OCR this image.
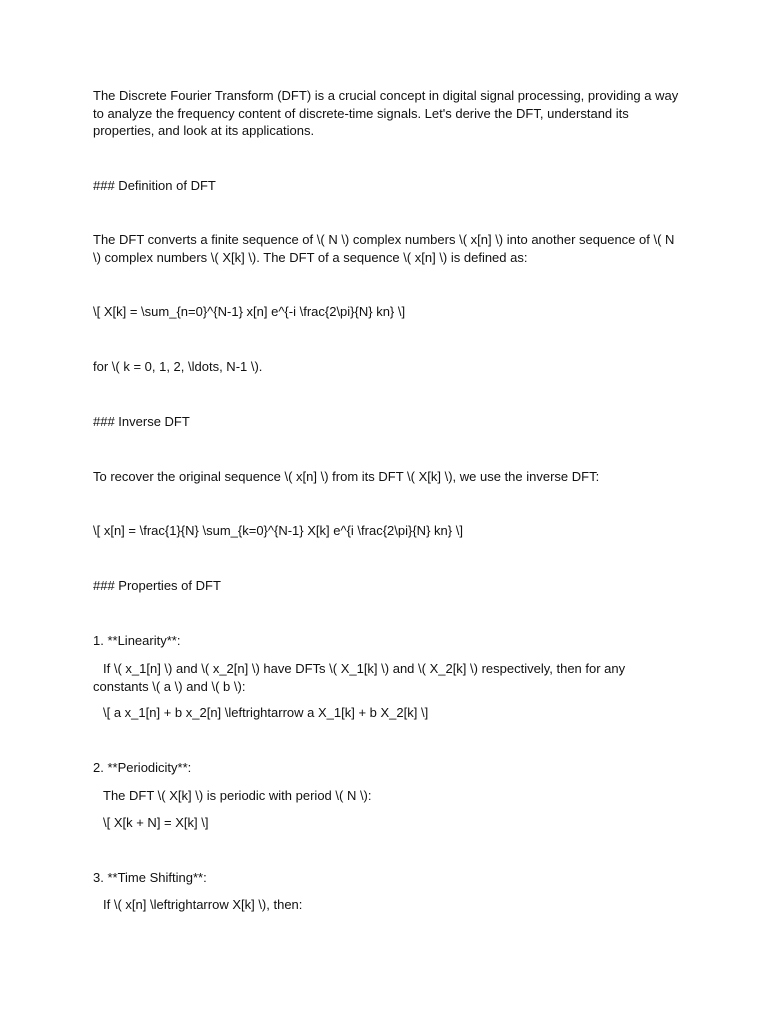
The Discrete Fourier Transform (DFT) is a crucial concept in digital signal processing, providing a way to analyze the frequency content of discrete-time signals. Let's derive the DFT, understand its properties, and look at its applications.
### Definition of DFT
The DFT converts a finite sequence of \( N \) complex numbers \( x[n] \) into another sequence of \( N \) complex numbers \( X[k] \). The DFT of a sequence \( x[n] \) is defined as:
\[ X[k] = \sum_{n=0}^{N-1} x[n] e^{-i \frac{2\pi}{N} kn} \]
for \( k = 0, 1, 2, \ldots, N-1 \).
### Inverse DFT
To recover the original sequence \( x[n] \) from its DFT \( X[k] \), we use the inverse DFT:
\[ x[n] = \frac{1}{N} \sum_{k=0}^{N-1} X[k] e^{i \frac{2\pi}{N} kn} \]
### Properties of DFT
1. **Linearity**:
If \( x_1[n] \) and \( x_2[n] \) have DFTs \( X_1[k] \) and \( X_2[k] \) respectively, then for any constants \( a \) and \( b \):
\[ a x_1[n] + b x_2[n] \leftrightarrow a X_1[k] + b X_2[k] \]
2. **Periodicity**:
The DFT \( X[k] \) is periodic with period \( N \):
\[ X[k + N] = X[k] \]
3. **Time Shifting**:
If \( x[n] \leftrightarrow X[k] \), then:
